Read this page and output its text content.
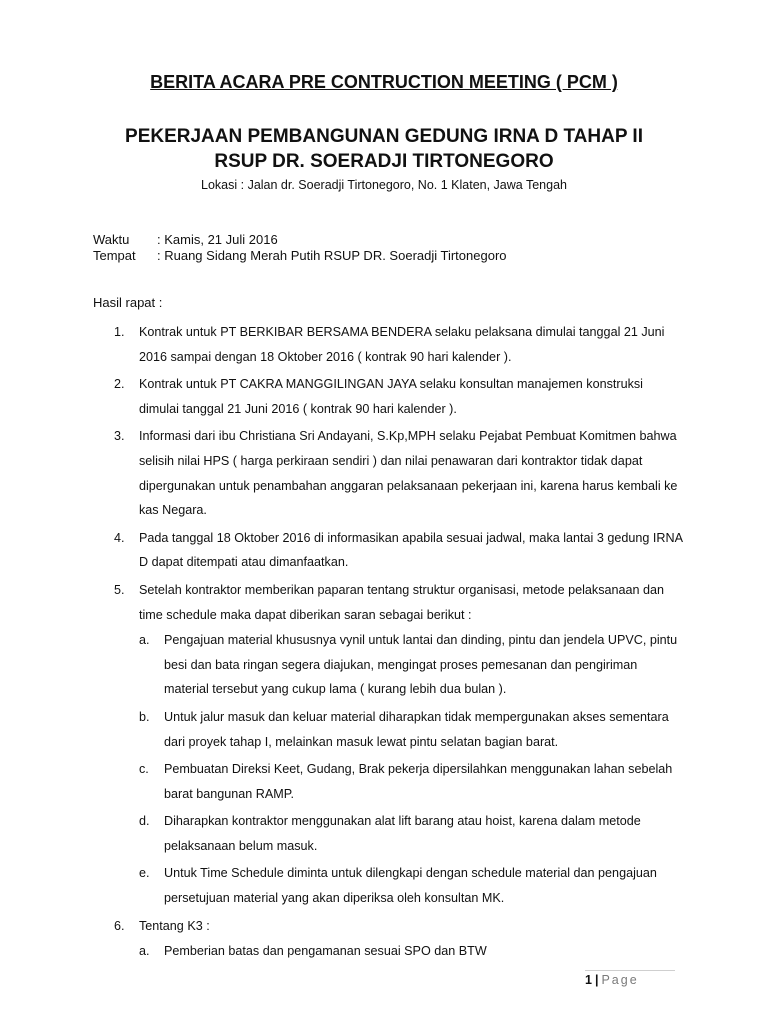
BERITA ACARA PRE CONTRUCTION MEETING ( PCM )
PEKERJAAN PEMBANGUNAN GEDUNG IRNA D TAHAP II
RSUP DR. SOERADJI TIRTONEGORO
Lokasi : Jalan dr. Soeradji Tirtonegoro, No. 1 Klaten, Jawa Tengah
Waktu : Kamis, 21 Juli 2016
Tempat : Ruang Sidang Merah Putih RSUP DR. Soeradji Tirtonegoro
Hasil rapat :
1. Kontrak untuk PT BERKIBAR BERSAMA BENDERA selaku pelaksana dimulai tanggal 21 Juni 2016 sampai dengan 18 Oktober 2016 ( kontrak 90 hari kalender ).
2. Kontrak untuk PT CAKRA MANGGILINGAN JAYA selaku konsultan manajemen konstruksi dimulai tanggal 21 Juni 2016 ( kontrak 90 hari kalender ).
3. Informasi dari ibu Christiana Sri Andayani, S.Kp,MPH selaku Pejabat Pembuat Komitmen bahwa selisih nilai HPS ( harga perkiraan sendiri ) dan nilai penawaran dari kontraktor tidak dapat dipergunakan untuk penambahan anggaran pelaksanaan pekerjaan ini, karena harus kembali ke kas Negara.
4. Pada tanggal 18 Oktober 2016 di informasikan apabila sesuai jadwal, maka lantai 3 gedung IRNA D dapat ditempati atau dimanfaatkan.
5. Setelah kontraktor memberikan paparan tentang struktur organisasi, metode pelaksanaan dan time schedule maka dapat diberikan saran sebagai berikut :
a. Pengajuan material khususnya vynil untuk lantai dan dinding, pintu dan jendela UPVC, pintu besi dan bata ringan segera diajukan, mengingat proses pemesanan dan pengiriman material tersebut yang cukup lama ( kurang lebih dua bulan ).
b. Untuk jalur masuk dan keluar material diharapkan tidak mempergunakan akses sementara dari proyek tahap I, melainkan masuk lewat pintu selatan bagian barat.
c. Pembuatan Direksi Keet, Gudang, Brak pekerja dipersilahkan menggunakan lahan sebelah barat bangunan RAMP.
d. Diharapkan kontraktor menggunakan alat lift barang atau hoist, karena dalam metode pelaksanaan belum masuk.
e. Untuk Time Schedule diminta untuk dilengkapi dengan schedule material dan pengajuan persetujuan material yang akan diperiksa oleh konsultan MK.
6. Tentang K3 :
a. Pemberian batas dan pengamanan sesuai SPO dan BTW
1 | Page
